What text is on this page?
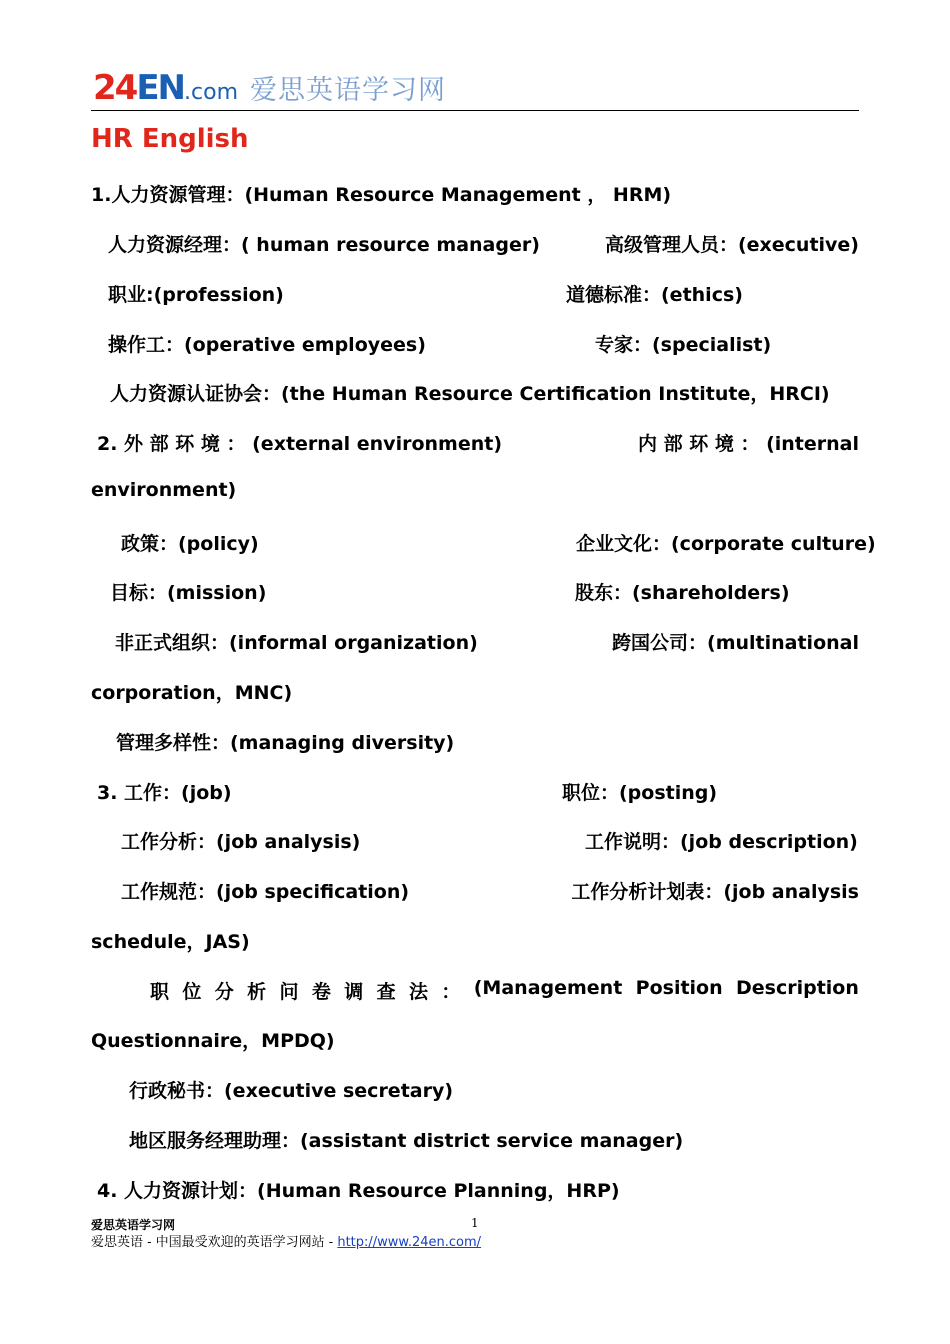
24EN.com 爱思英语学习网
HR English
1.人力资源管理：(Human Resource Management ， HRM)
人力资源经理：( human resource manager)	高级管理人员：(executive)
职业:(profession)	道德标准：(ethics)
操作工：(operative employees)	专家：(specialist)
人力资源认证协会：(the Human Resource Certification Institute，HRCI)
2. 外 部 环 境 ： (external environment)	内 部 环 境 ： (internal
environment)
政策：(policy)	企业文化：(corporate culture)
目标：(mission)	股东：(shareholders)
非正式组织：(informal organization)	跨国公司：(multinational
corporation，MNC)
管理多样性：(managing diversity)
3. 工作：(job)	职位：(posting)
工作分析：(job analysis)	工作说明：(job description)
工作规范：(job specification)	工作分析计划表：(job analysis
schedule，JAS)
职 位 分 析 问 卷 调 查 法 ： (Management Position Description
Questionnaire，MPDQ)
行政秘书：(executive secretary)
地区服务经理助理：(assistant district service manager)
4. 人力资源计划：(Human Resource Planning，HRP)
爱思英语学习网	1
爱思英语 - 中国最受欢迎的英语学习网站 - http://www.24en.com/
